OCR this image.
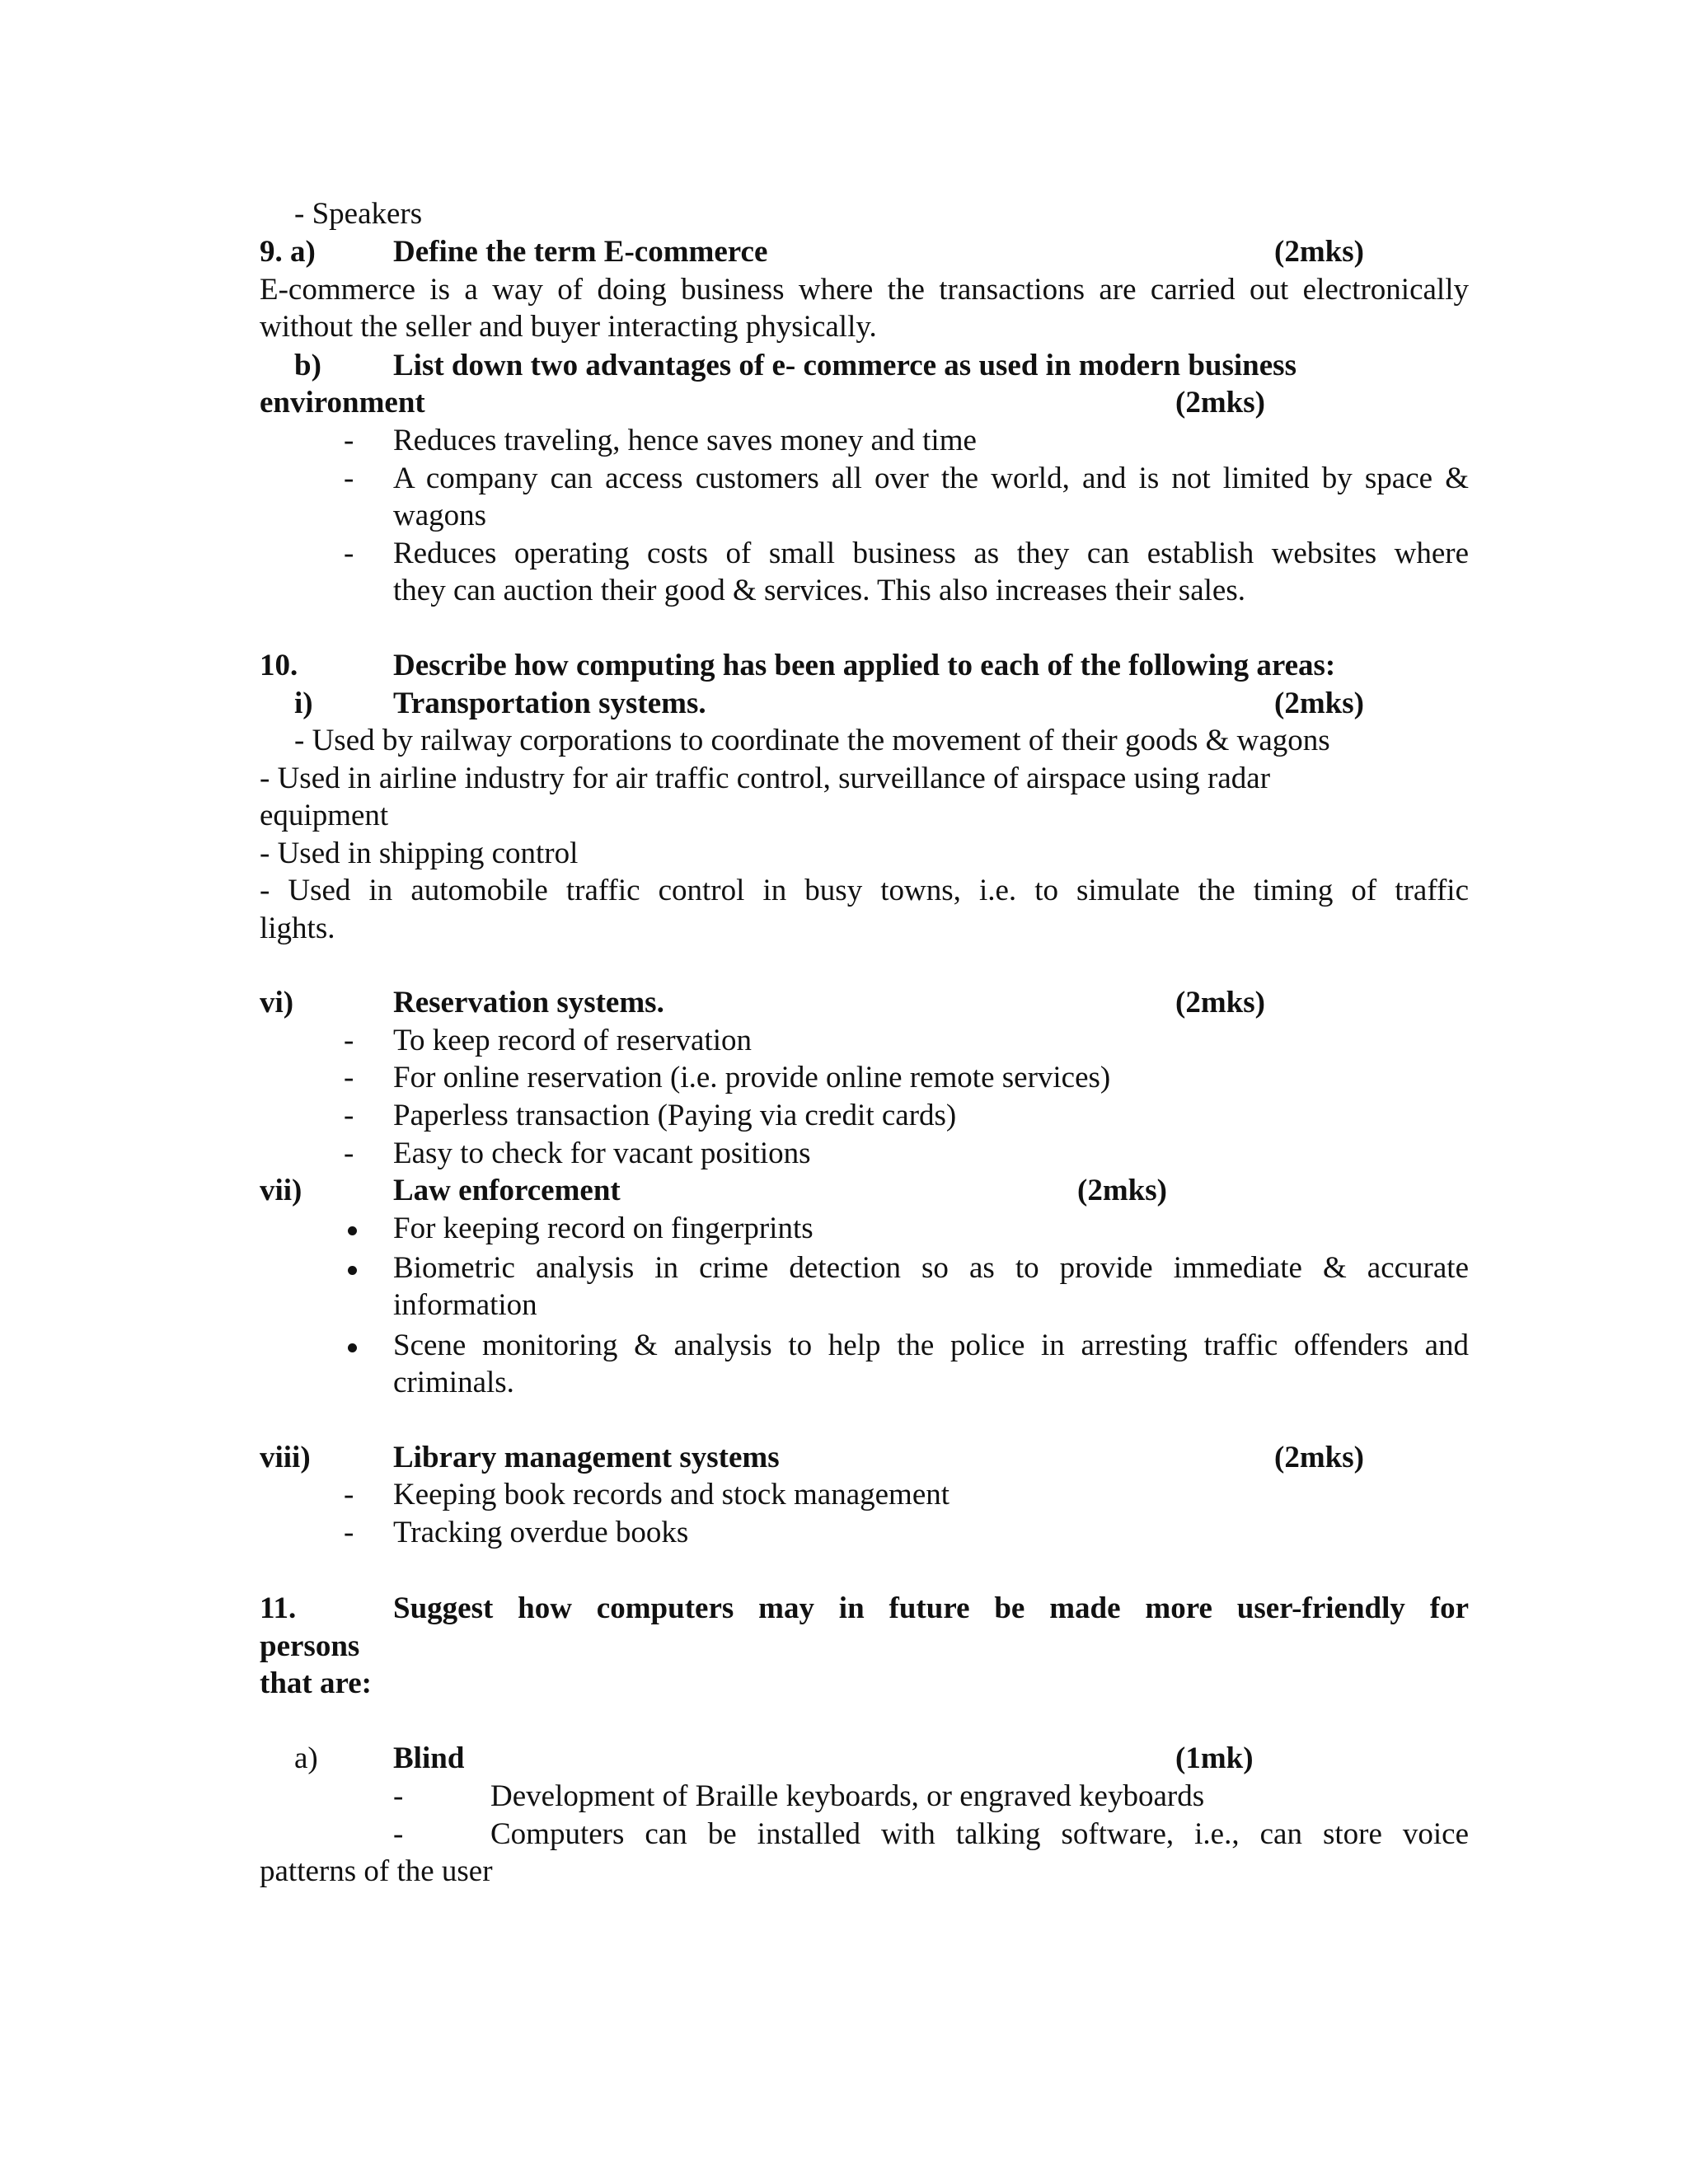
- Speakers
9. a)	Define the term E-commerce	(2mks)
E-commerce is a way of doing business where the transactions are carried out electronically
without the seller and buyer interacting physically.
b) List down two advantages of e- commerce as used in modern business
environment	(2mks)
- Reduces traveling, hence saves money and time
- A company can access customers all over the world, and is not limited by space &
wagons
- Reduces operating costs of small business as they can establish websites where
they can auction their good & services. This also increases their sales.
10.	Describe how computing has been applied to each of the following areas:
i)	Transportation systems.	(2mks)
- Used by railway corporations to coordinate the movement of their goods & wagons
- Used in airline industry for air traffic control, surveillance of airspace using radar
equipment
- Used in shipping control
- Used in automobile traffic control in busy towns, i.e. to simulate the timing of traffic
lights.
vi)	Reservation systems.	(2mks)
- To keep record of reservation
- For online reservation (i.e. provide online remote services)
- Paperless transaction (Paying via credit cards)
- Easy to check for vacant positions
vii)	Law enforcement	(2mks)
For keeping record on fingerprints
Biometric analysis in crime detection so as to provide immediate & accurate
information
Scene monitoring & analysis to help the police in arresting traffic offenders and
criminals.
viii)	Library management systems	(2mks)
- Keeping book records and stock management
- Tracking overdue books
11.	Suggest how computers may in future be made more user-friendly for
persons
that are:
a) Blind	(1mk)
-	Development of Braille keyboards, or engraved keyboards
-	Computers can be installed with talking software, i.e., can store voice
patterns of the user
